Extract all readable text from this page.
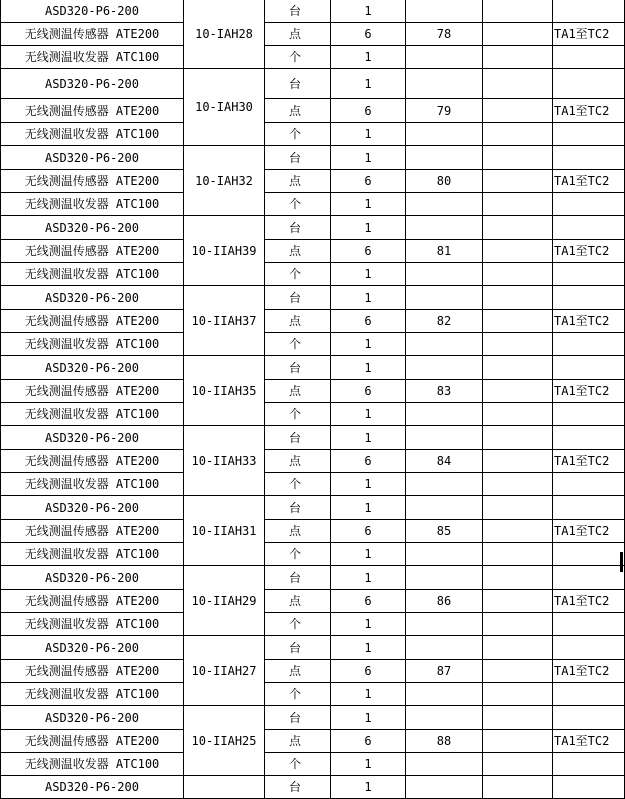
ASD320-P6-200	10-IAH28	台	1			
无线测温传感器 ATE200		点	6	78		TA1至TC2
无线测温收发器 ATC100		个	1			
ASD320-P6-200	10-IAH30	台	1			
无线测温传感器 ATE200		点	6	79		TA1至TC2
无线测温收发器 ATC100		个	1			
ASD320-P6-200	10-IAH32	台	1			
无线测温传感器 ATE200		点	6	80		TA1至TC2
无线测温收发器 ATC100		个	1			
ASD320-P6-200	10-IIAH39	台	1			
无线测温传感器 ATE200		点	6	81		TA1至TC2
无线测温收发器 ATC100		个	1			
ASD320-P6-200	10-IIAH37	台	1			
无线测温传感器 ATE200		点	6	82		TA1至TC2
无线测温收发器 ATC100		个	1			
ASD320-P6-200	10-IIAH35	台	1			
无线测温传感器 ATE200		点	6	83		TA1至TC2
无线测温收发器 ATC100		个	1			
ASD320-P6-200	10-IIAH33	台	1			
无线测温传感器 ATE200		点	6	84		TA1至TC2
无线测温收发器 ATC100		个	1			
ASD320-P6-200	10-IIAH31	台	1			
无线测温传感器 ATE200		点	6	85		TA1至TC2
无线测温收发器 ATC100		个	1			
ASD320-P6-200	10-IIAH29	台	1			
无线测温传感器 ATE200		点	6	86		TA1至TC2
无线测温收发器 ATC100		个	1			
ASD320-P6-200	10-IIAH27	台	1			
无线测温传感器 ATE200		点	6	87		TA1至TC2
无线测温收发器 ATC100		个	1			
ASD320-P6-200	10-IIAH25	台	1			
无线测温传感器 ATE200		点	6	88		TA1至TC2
无线测温收发器 ATC100		个	1			
ASD320-P6-200		台	1			
